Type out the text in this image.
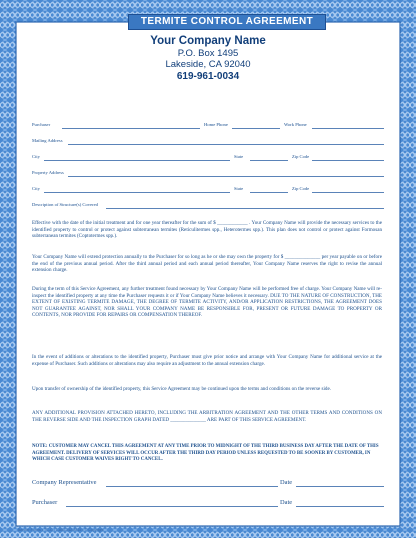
TERMITE CONTROL AGREEMENT
Your Company Name
P.O. Box 1495
Lakeside, CA 92040
619-961-0034
Purchaser	Home Phone	Work Phone
Mailing Address
City	State	Zip Code
Property Address
City	State	Zip Code
Description of Structure(s) Covered
Effective with the date of the initial treatment and for one year thereafter for the sum of $ ____________ . Your Company Name will provide the necessary services to the identified property to control or protect against subterranean termites (Reticulitermes spp., Heterotermes spp.). This plan does not control or protect against Formosan subterranean termites (Coptotermes spp.).
Your Company Name will extend protection annually to the Purchaser for so long as he or she may own the property for $ ______________ per year payable on or before the end of the previous annual period. After the third annual period and each annual period thereafter, Your Company Name reserves the right to revise the annual extension charge.
During the term of this Service Agreement, any further treatment found necessary by Your Company Name will be performed free of charge. Your Company Name will re-inspect the identified property at any time the Purchaser requests it or if Your Company Name believes it necessary. DUE TO THE NATURE OF CONSTRUCTION, THE EXTENT OF EXISTING TERMITE DAMAGE, THE DEGREE OF TERMITE ACTIVITY, AND/OR APPLICATION RESTRICTIONS, THE AGREEMENT DOES NOT GUARANTEE AGAINST, NOR SHALL YOUR COMPANY NAME BE RESPONSIBLE FOR, PRESENT OR FUTURE DAMAGE TO PROPERTY OR CONTENTS, NOR PROVIDE FOR REPAIRS OR COMPENSATION THEREOF.
In the event of additions or alterations to the identified property, Purchaser must give prior notice and arrange with Your Company Name for additional service at the expense of Purchaser. Such additions or alterations may also require an adjustment to the annual extension charge.
Upon transfer of ownership of the identified property, this Service Agreement may be continued upon the terms and conditions on the reverse side.
ANY ADDITIONAL PROVISION ATTACHED HERETO, INCLUDING THE ARBITRATION AGREEMENT AND THE OTHER TERMS AND CONDITIONS ON THE REVERSE SIDE AND THE INSPECTION GRAPH DATED ______________ ARE PART OF THIS SERVICE AGREEMENT.
NOTE: CUSTOMER MAY CANCEL THIS AGREEMENT AT ANY TIME PRIOR TO MIDNIGHT OF THE THIRD BUSINESS DAY AFTER THE DATE OF THIS AGREEMENT. DELIVERY OF SERVICES WILL OCCUR AFTER THE THIRD DAY PERIOD UNLESS REQUESTED TO BE SOONER BY CUSTOMER, IN WHICH CASE CUSTOMER WAIVES RIGHT TO CANCEL.
Company Representative	Date
Purchaser	Date
Bender Forms • TC-C • 1-800-242-8415 • © Copyright
